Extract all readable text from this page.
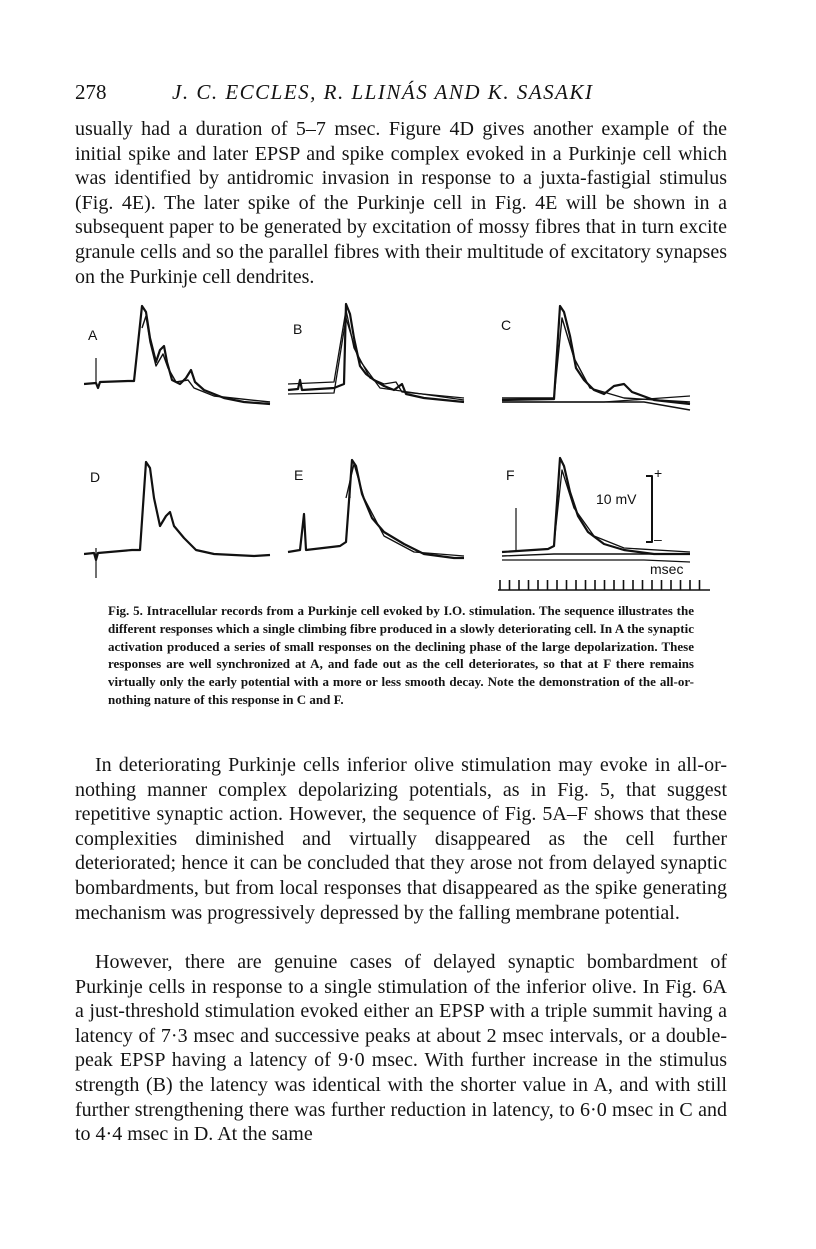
278	J. C. ECCLES, R. LLINÁS AND K. SASAKI

usually had a duration of 5–7 msec. Figure 4D gives another example of the initial spike and later EPSP and spike complex evoked in a Purkinje cell which was identified by antidromic invasion in response to a juxta-fastigial stimulus (Fig. 4E). The later spike of the Purkinje cell in Fig. 4E will be shown in a subsequent paper to be generated by excitation of mossy fibres that in turn excite granule cells and so the parallel fibres with their multitude of excitatory synapses on the Purkinje cell dendrites.

A	B	C
D	E	F
10 mV
+
–
msec

Fig. 5. Intracellular records from a Purkinje cell evoked by I.O. stimulation. The sequence illustrates the different responses which a single climbing fibre produced in a slowly deteriorating cell. In A the synaptic activation produced a series of small responses on the declining phase of the large depolarization. These responses are well synchronized at A, and fade out as the cell deteriorates, so that at F there remains virtually only the early potential with a more or less smooth decay. Note the demonstration of the all-or-nothing nature of this response in C and F.

In deteriorating Purkinje cells inferior olive stimulation may evoke in all-or-nothing manner complex depolarizing potentials, as in Fig. 5, that suggest repetitive synaptic action. However, the sequence of Fig. 5A–F shows that these complexities diminished and virtually disappeared as the cell further deteriorated; hence it can be concluded that they arose not from delayed synaptic bombardments, but from local responses that disappeared as the spike generating mechanism was progressively depressed by the falling membrane potential.

However, there are genuine cases of delayed synaptic bombardment of Purkinje cells in response to a single stimulation of the inferior olive. In Fig. 6A a just-threshold stimulation evoked either an EPSP with a triple summit having a latency of 7·3 msec and successive peaks at about 2 msec intervals, or a double-peak EPSP having a latency of 9·0 msec. With further increase in the stimulus strength (B) the latency was identical with the shorter value in A, and with still further strengthening there was further reduction in latency, to 6·0 msec in C and to 4·4 msec in D. At the same
